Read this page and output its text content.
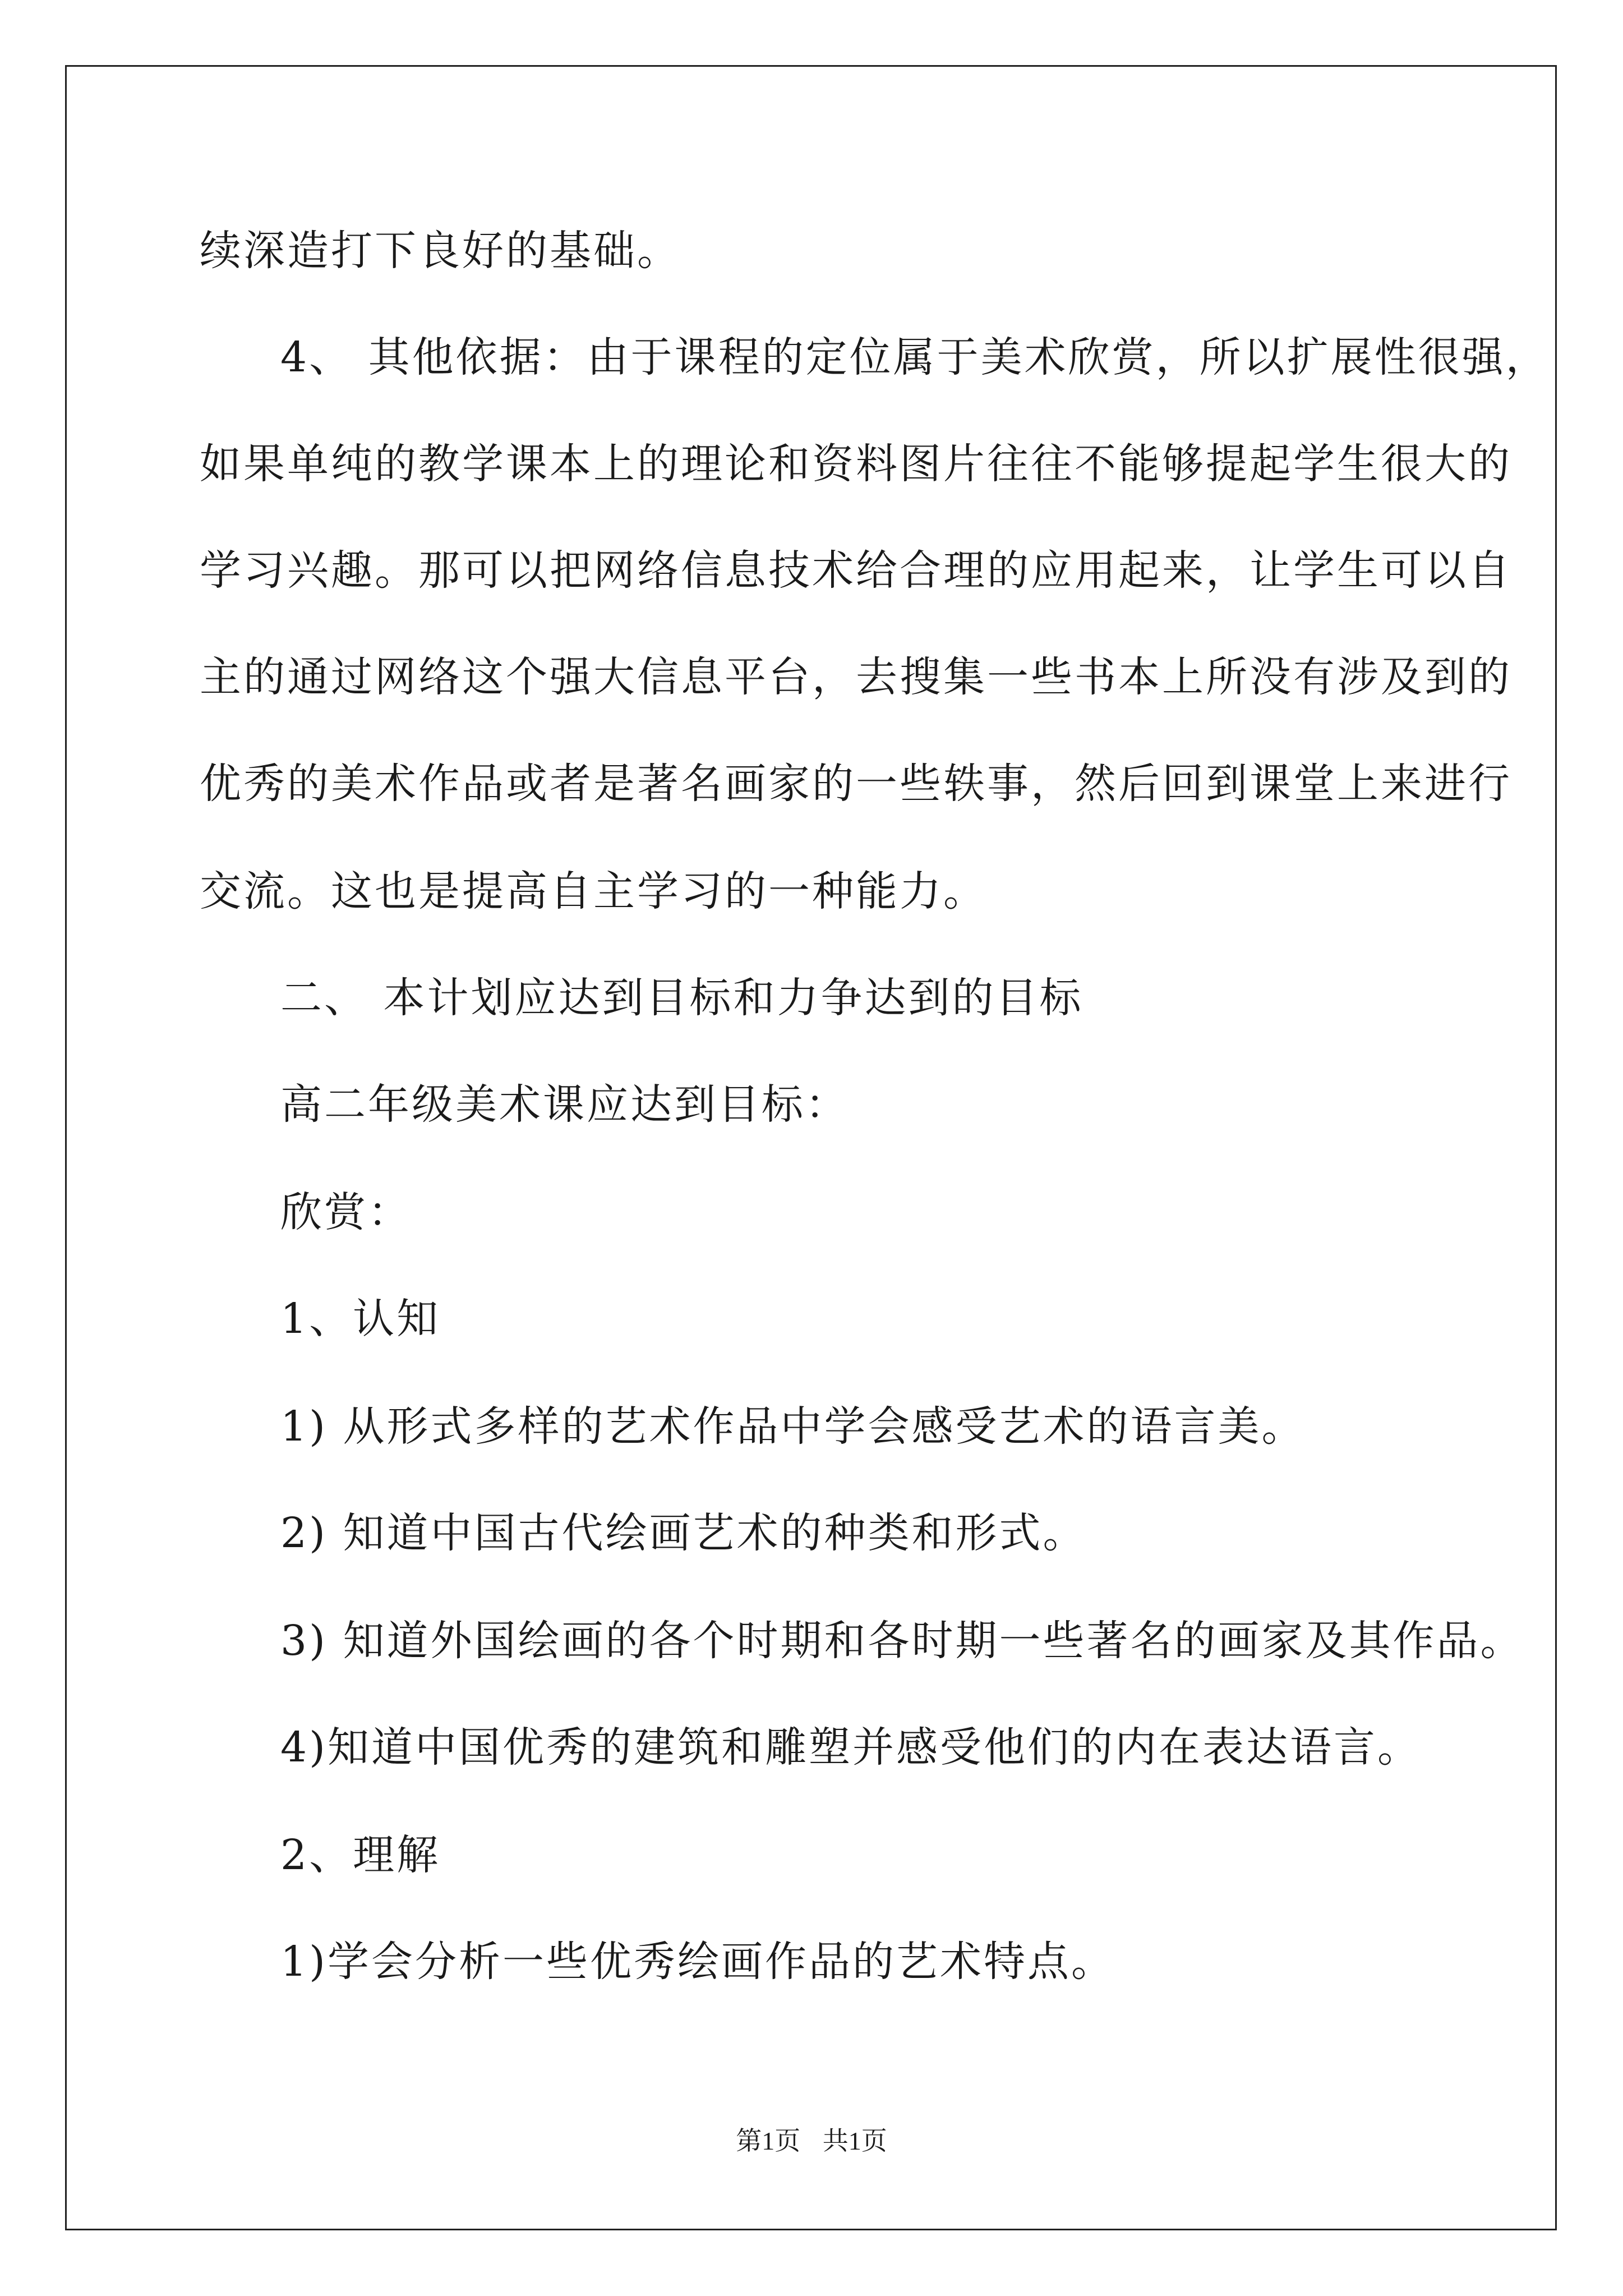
续深造打下良好的基础。
4、 其他依据：由于课程的定位属于美术欣赏，所以扩展性很强，
如果单纯的教学课本上的理论和资料图片往往不能够提起学生很大的
学习兴趣。那可以把网络信息技术给合理的应用起来，让学生可以自
主的通过网络这个强大信息平台，去搜集一些书本上所没有涉及到的
优秀的美术作品或者是著名画家的一些轶事，然后回到课堂上来进行
交流。这也是提高自主学习的一种能力。
二、 本计划应达到目标和力争达到的目标
高二年级美术课应达到目标：
欣赏：
1、认知
1) 从形式多样的艺术作品中学会感受艺术的语言美。
2) 知道中国古代绘画艺术的种类和形式。
3) 知道外国绘画的各个时期和各时期一些著名的画家及其作品。
4)知道中国优秀的建筑和雕塑并感受他们的内在表达语言。
2、理解
1)学会分析一些优秀绘画作品的艺术特点。
第1页 共1页
